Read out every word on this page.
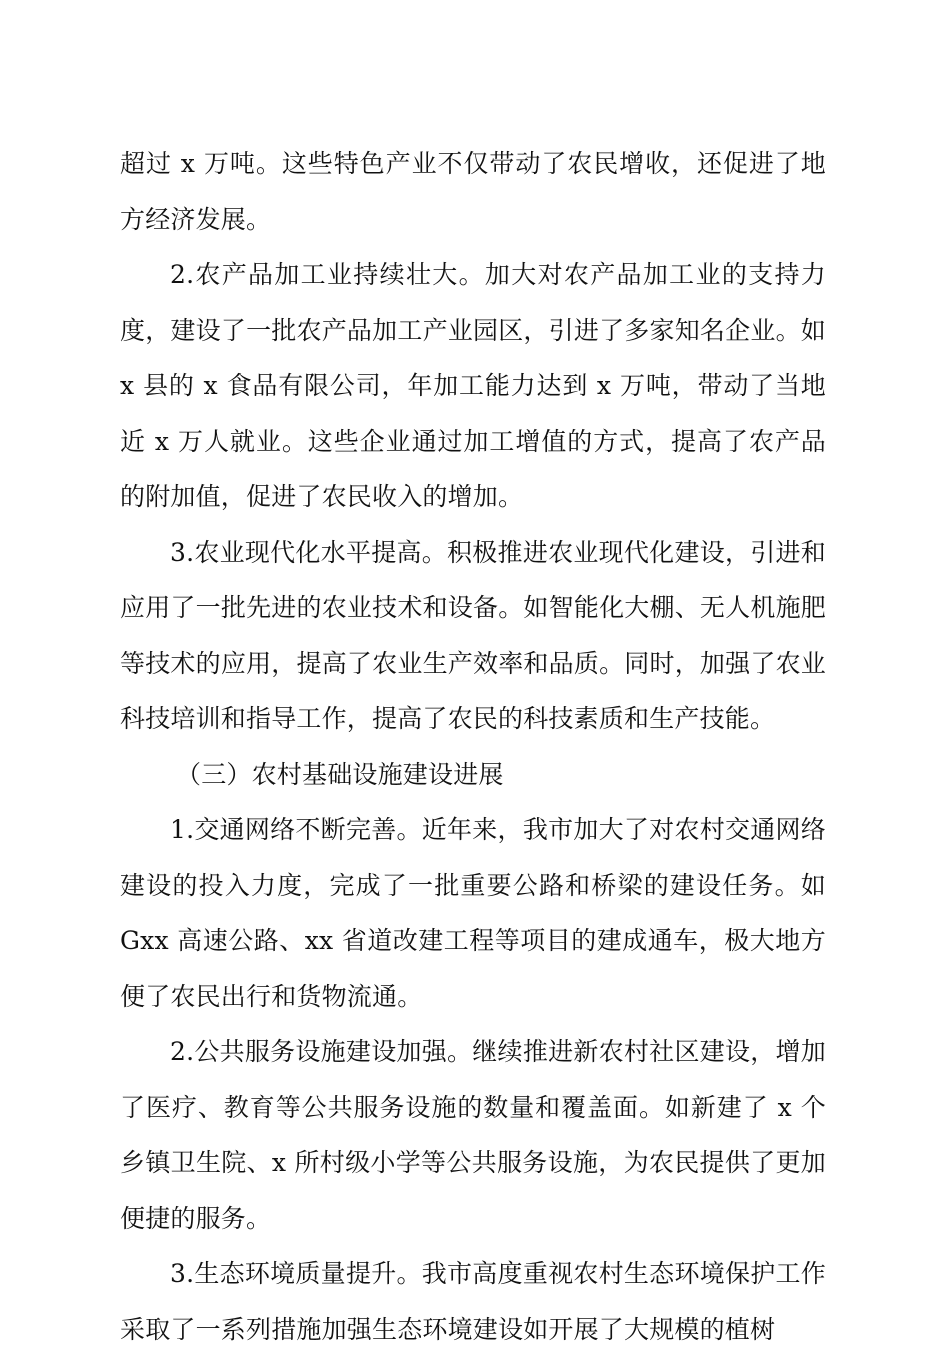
超过 x 万吨。这些特色产业不仅带动了农民增收，还促进了地方经济发展。

2.农产品加工业持续壮大。加大对农产品加工业的支持力度，建设了一批农产品加工产业园区，引进了多家知名企业。如 x 县的 x 食品有限公司，年加工能力达到 x 万吨，带动了当地近 x 万人就业。这些企业通过加工增值的方式，提高了农产品的附加值，促进了农民收入的增加。

3.农业现代化水平提高。积极推进农业现代化建设，引进和应用了一批先进的农业技术和设备。如智能化大棚、无人机施肥等技术的应用，提高了农业生产效率和品质。同时，加强了农业科技培训和指导工作，提高了农民的科技素质和生产技能。

（三）农村基础设施建设进展

1.交通网络不断完善。近年来，我市加大了对农村交通网络建设的投入力度，完成了一批重要公路和桥梁的建设任务。如 Gxx 高速公路、xx 省道改建工程等项目的建成通车，极大地方便了农民出行和货物流通。

2.公共服务设施建设加强。继续推进新农村社区建设，增加了医疗、教育等公共服务设施的数量和覆盖面。如新建了 x 个乡镇卫生院、x 所村级小学等公共服务设施，为农民提供了更加便捷的服务。

3.生态环境质量提升。我市高度重视农村生态环境保护工作采取了一系列措施加强生态环境建设如开展了大规模的植树
